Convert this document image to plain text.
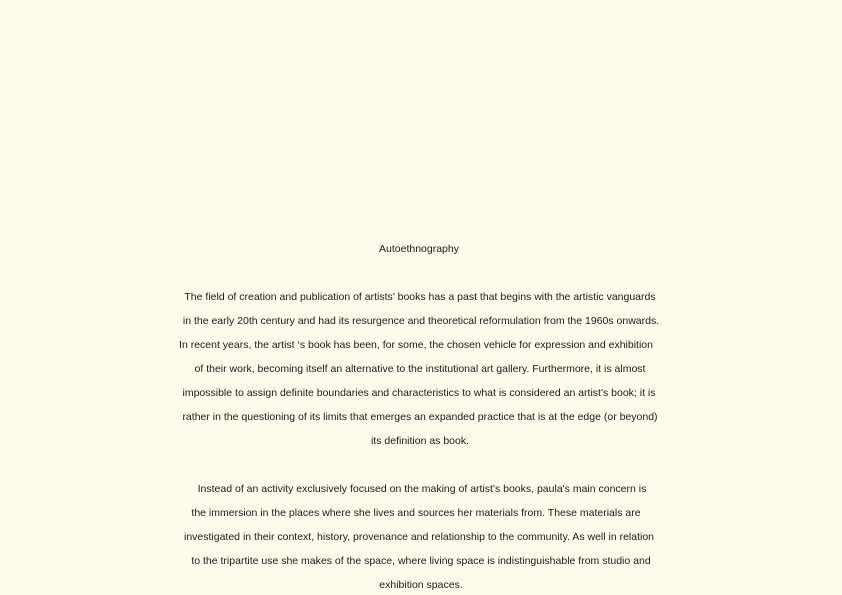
Autoethnography
The field of creation and publication of artists’ books has a past that begins with the artistic vanguards
in the early 20th century and had its resurgence and theoretical reformulation from the 1960s onwards.
In recent years, the artist ‘s book has been, for some, the chosen vehicle for expression and exhibition
of their work, becoming itself an alternative to the institutional art gallery. Furthermore, it is almost
impossible to assign definite boundaries and characteristics to what is considered an artist's book; it is
rather in the questioning of its limits that emerges an expanded practice that is at the edge (or beyond)
its definition as book.
Instead of an activity exclusively focused on the making of artist's books, paula's main concern is
the immersion in the places where she lives and sources her materials from. These materials are
investigated in their context, history, provenance and relationship to the community. As well in relation
to the tripartite use she makes of the space, where living space is indistinguishable from studio and
exhibition spaces.
